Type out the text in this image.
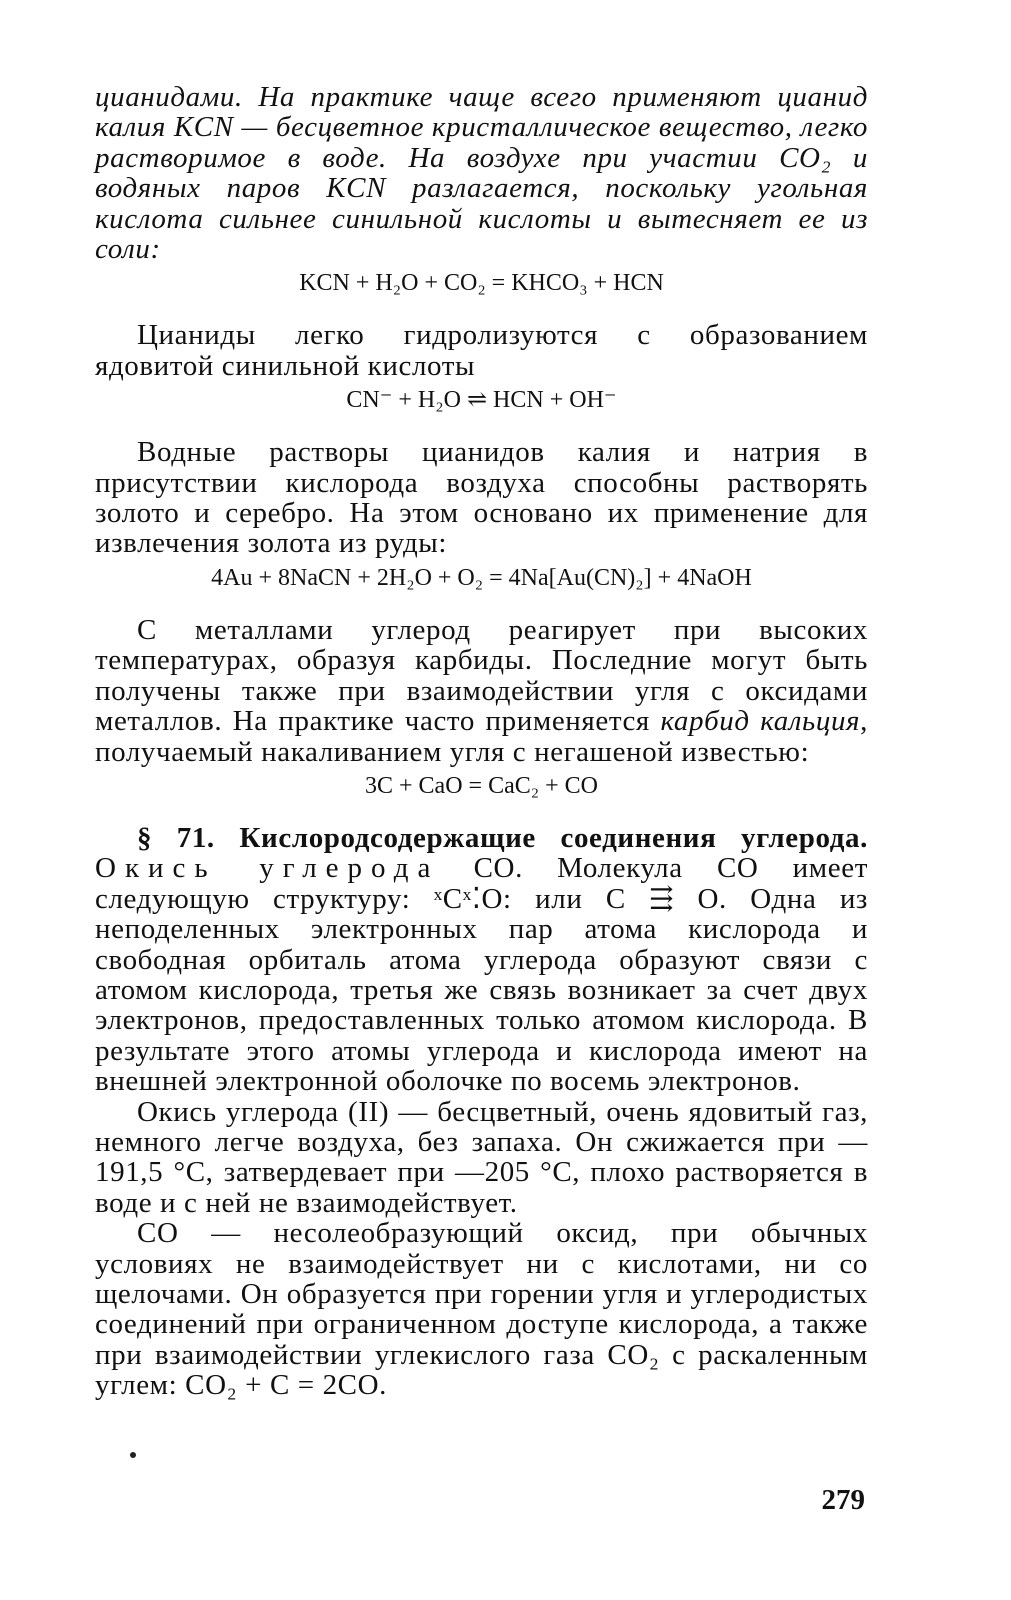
цианидами. На практике чаще всего применяют цианид калия KCN — бесцветное кристаллическое вещество, легко растворимое в воде. На воздухе при участии CO₂ и водяных паров KCN разлагается, поскольку угольная кислота сильнее синильной кислоты и вытесняет ее из соли:

KCN + H₂O + CO₂ = KHCO₃ + HCN

Цианиды легко гидролизуются с образованием ядовитой синильной кислоты

CN⁻ + H₂O ⇌ HCN + OH⁻

Водные растворы цианидов калия и натрия в присутствии кислорода воздуха способны растворять золото и серебро. На этом основано их применение для извлечения золота из руды:

4Au + 8NaCN + 2H₂O + O₂ = 4Na[Au(CN)₂] + 4NaOH

С металлами углерод реагирует при высоких температурах, образуя карбиды. Последние могут быть получены также при взаимодействии угля с оксидами металлов. На практике часто применяется карбид кальция, получаемый накаливанием угля с негашеной известью:

3C + CaO = CaC₂ + CO

§ 71. Кислородсодержащие соединения углерода. Окись углерода CO. Молекула CO имеет следующую структуру: ˣCˣ⁚O: или C ⇶ O. Одна из неподеленных электронных пар атома кислорода и свободная орбиталь атома углерода образуют связи с атомом кислорода, третья же связь возникает за счет двух электронов, предоставленных только атомом кислорода. В результате этого атомы углерода и кислорода имеют на внешней электронной оболочке по восемь электронов.

Окись углерода (II) — бесцветный, очень ядовитый газ, немного легче воздуха, без запаха. Он сжижается при —191,5 °C, затвердевает при —205 °C, плохо растворяется в воде и с ней не взаимодействует.

CO — несолеобразующий оксид, при обычных условиях не взаимодействует ни с кислотами, ни со щелочами. Он образуется при горении угля и углеродистых соединений при ограниченном доступе кислорода, а также при взаимодействии углекислого газа CO₂ с раскаленным углем: CO₂ + C = 2CO.

279
